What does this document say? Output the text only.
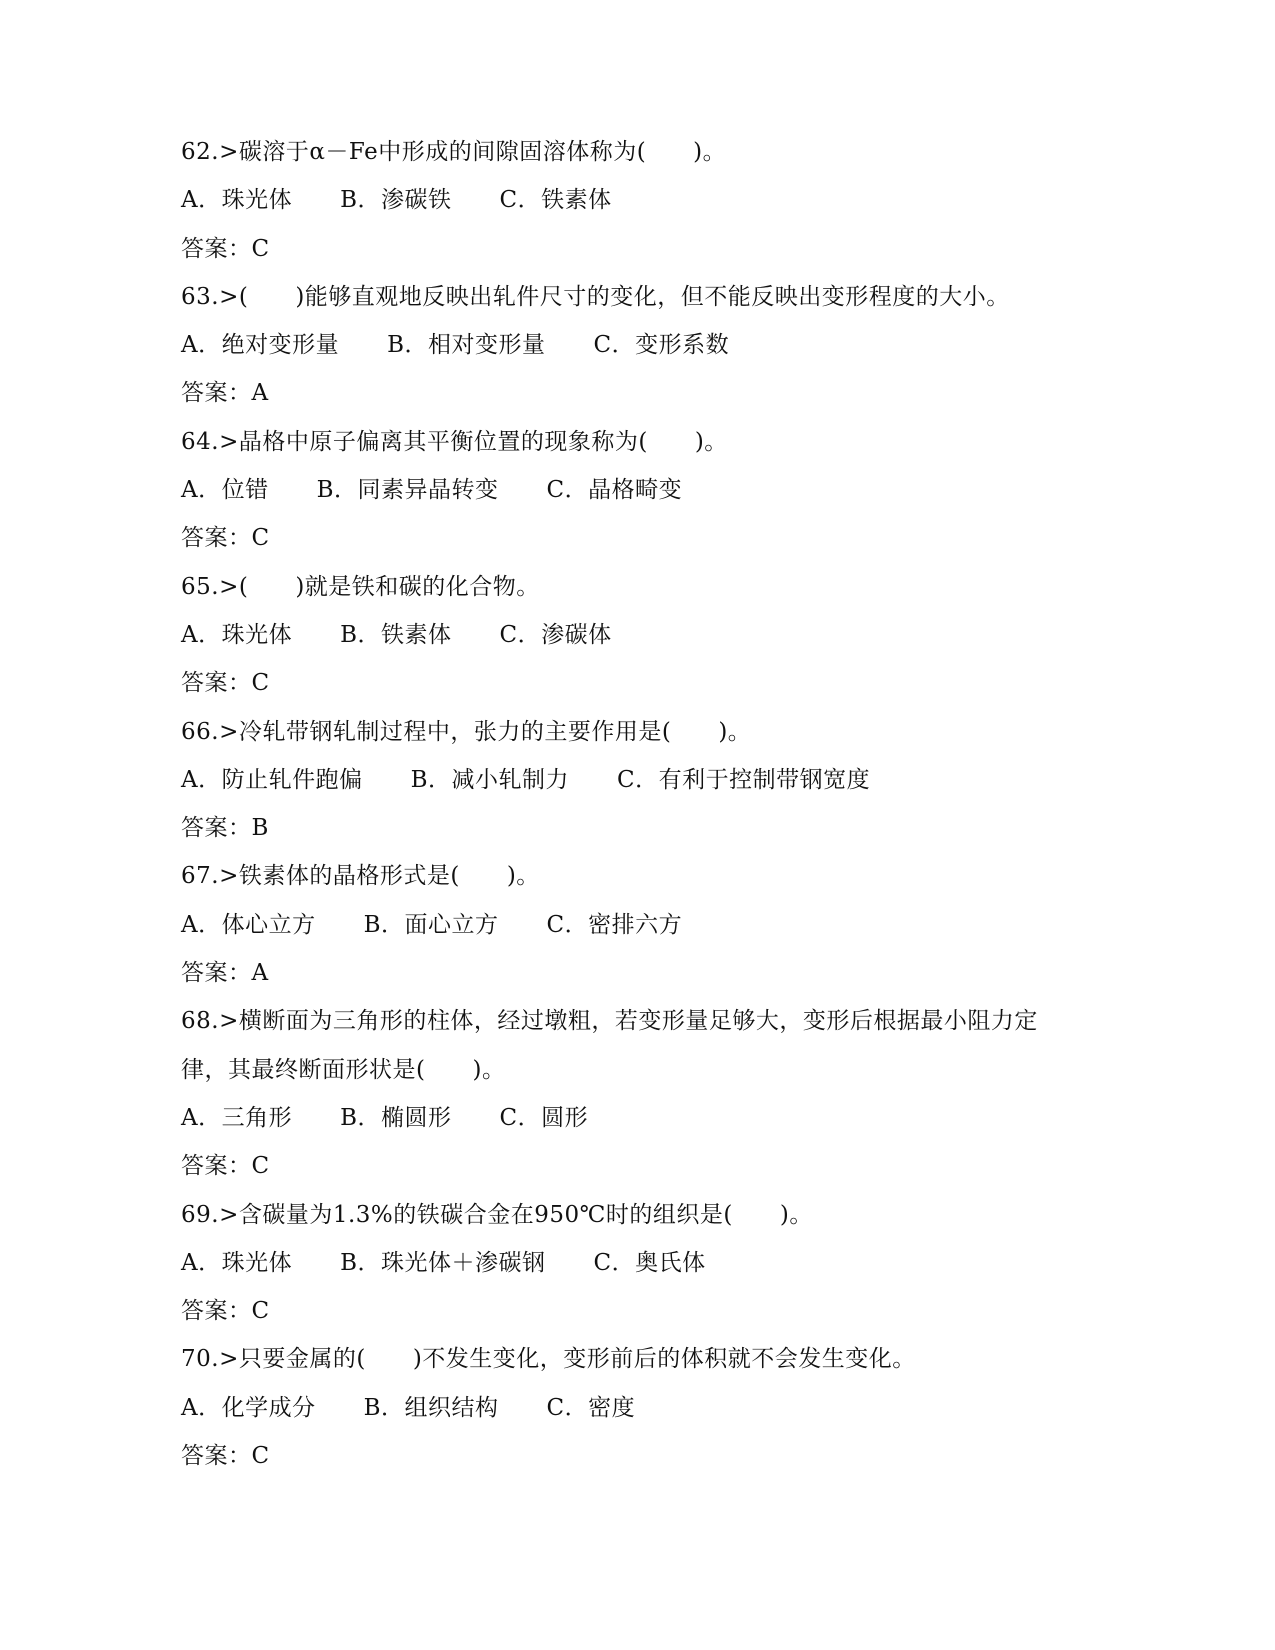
62.>碳溶于α－Fe中形成的间隙固溶体称为(　　)。
A．珠光体 B．渗碳铁 C．铁素体
答案：C
63.>(　　)能够直观地反映出轧件尺寸的变化，但不能反映出变形程度的大小。
A．绝对变形量 B．相对变形量 C．变形系数
答案：A
64.>晶格中原子偏离其平衡位置的现象称为(　　)。
A．位错 B．同素异晶转变 C．晶格畸变
答案：C
65.>(　　)就是铁和碳的化合物。
A．珠光体 B．铁素体 C．渗碳体
答案：C
66.>冷轧带钢轧制过程中，张力的主要作用是(　　)。
A．防止轧件跑偏 B．减小轧制力 C．有利于控制带钢宽度
答案：B
67.>铁素体的晶格形式是(　　)。
A．体心立方 B．面心立方 C．密排六方
答案：A
68.>横断面为三角形的柱体，经过墩粗，若变形量足够大，变形后根据最小阻力定
律，其最终断面形状是(　　)。
A．三角形 B．椭圆形 C．圆形
答案：C
69.>含碳量为1.3%的铁碳合金在950℃时的组织是(　　)。
A．珠光体 B．珠光体＋渗碳钢 C．奥氏体
答案：C
70.>只要金属的(　　)不发生变化，变形前后的体积就不会发生变化。
A．化学成分 B．组织结构 C．密度
答案：C
